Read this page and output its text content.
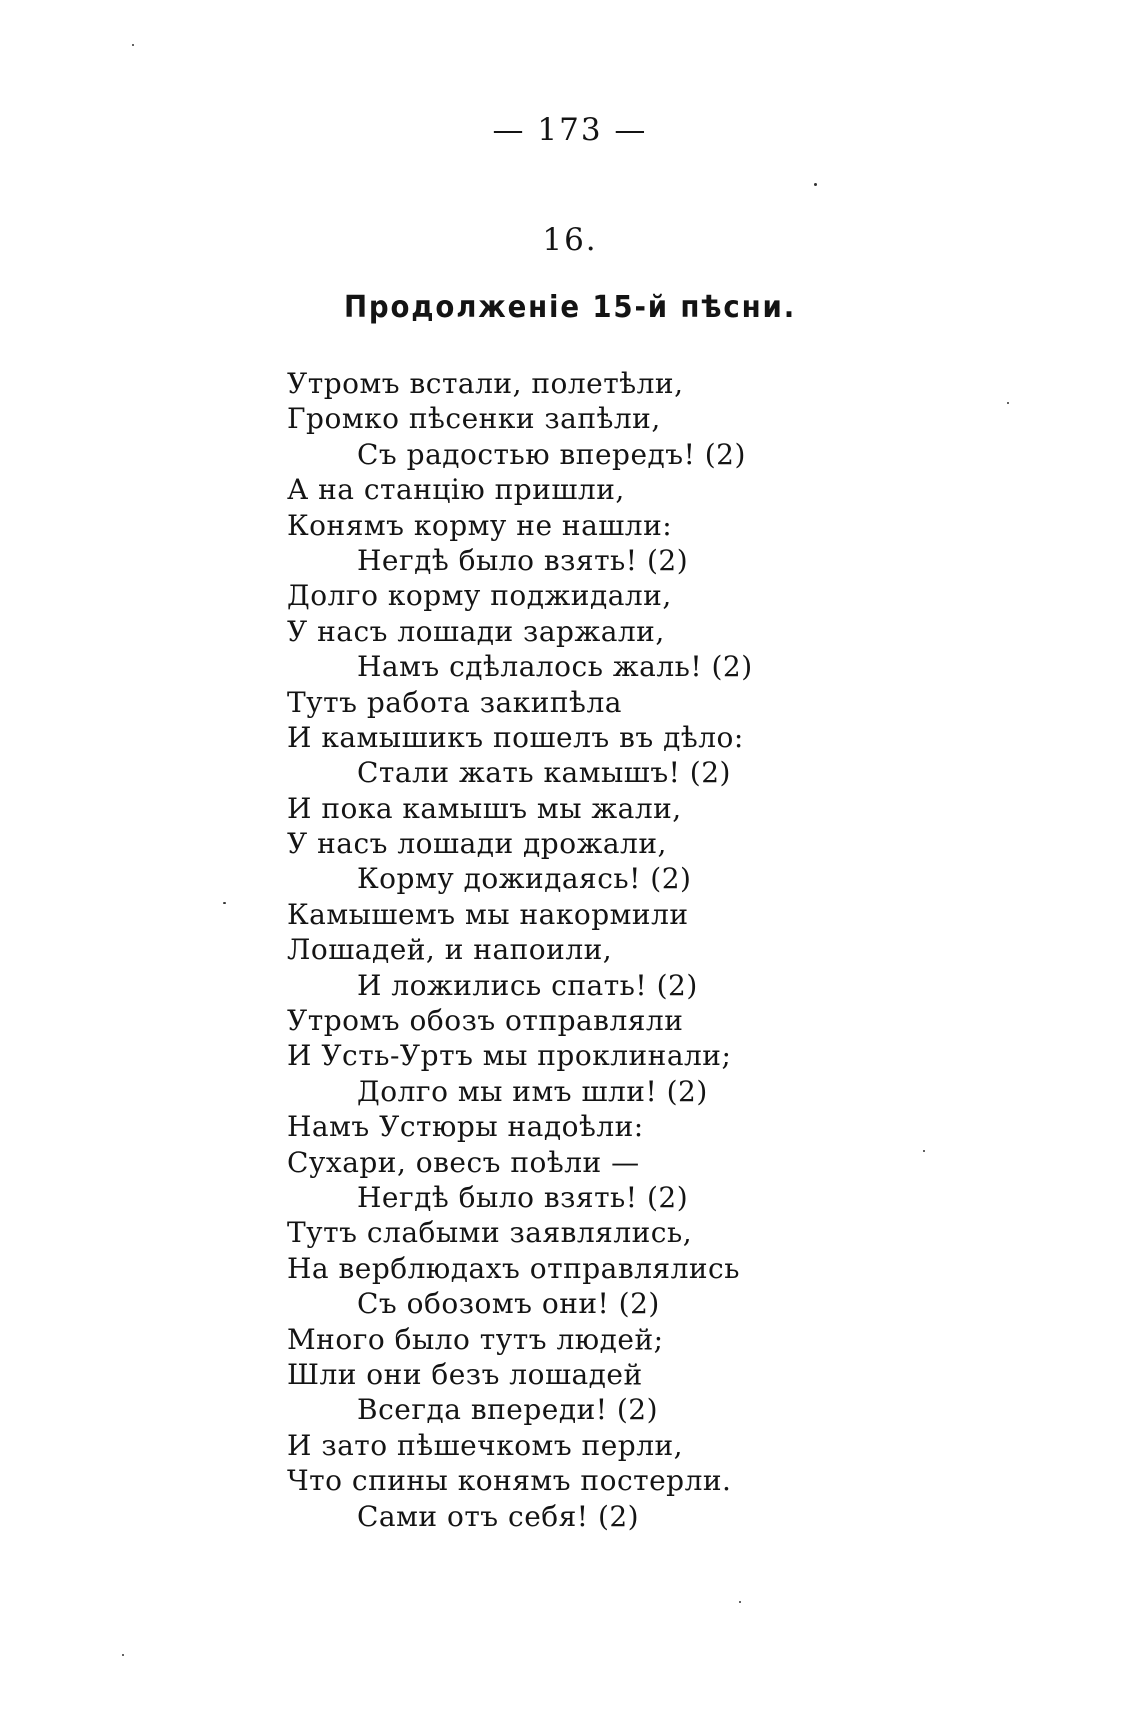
— 173 —
16.
Продолженіе 15-й пѣсни.
Утромъ встали, полетѣли,
Громко пѣсенки запѣли,
Съ радостью впередъ! (2)
А на станцію пришли,
Конямъ корму не нашли:
Негдѣ было взять! (2)
Долго корму поджидали,
У насъ лошади заржали,
Намъ сдѣлалось жаль! (2)
Тутъ работа закипѣла
И камышикъ пошелъ въ дѣло:
Стали жать камышъ! (2)
И пока камышъ мы жали,
У насъ лошади дрожали,
Корму дожидаясь! (2)
Камышемъ мы накормили
Лошадей, и напоили,
И ложились спать! (2)
Утромъ обозъ отправляли
И Усть-Уртъ мы проклинали;
Долго мы имъ шли! (2)
Намъ Устюры надоѣли:
Сухари, овесъ поѣли —
Негдѣ было взять! (2)
Тутъ слабыми заявлялись,
На верблюдахъ отправлялись
Съ обозомъ они! (2)
Много было тутъ людей;
Шли они безъ лошадей
Всегда впереди! (2)
И зато пѣшечкомъ перли,
Что спины конямъ постерли.
Сами отъ себя! (2)
